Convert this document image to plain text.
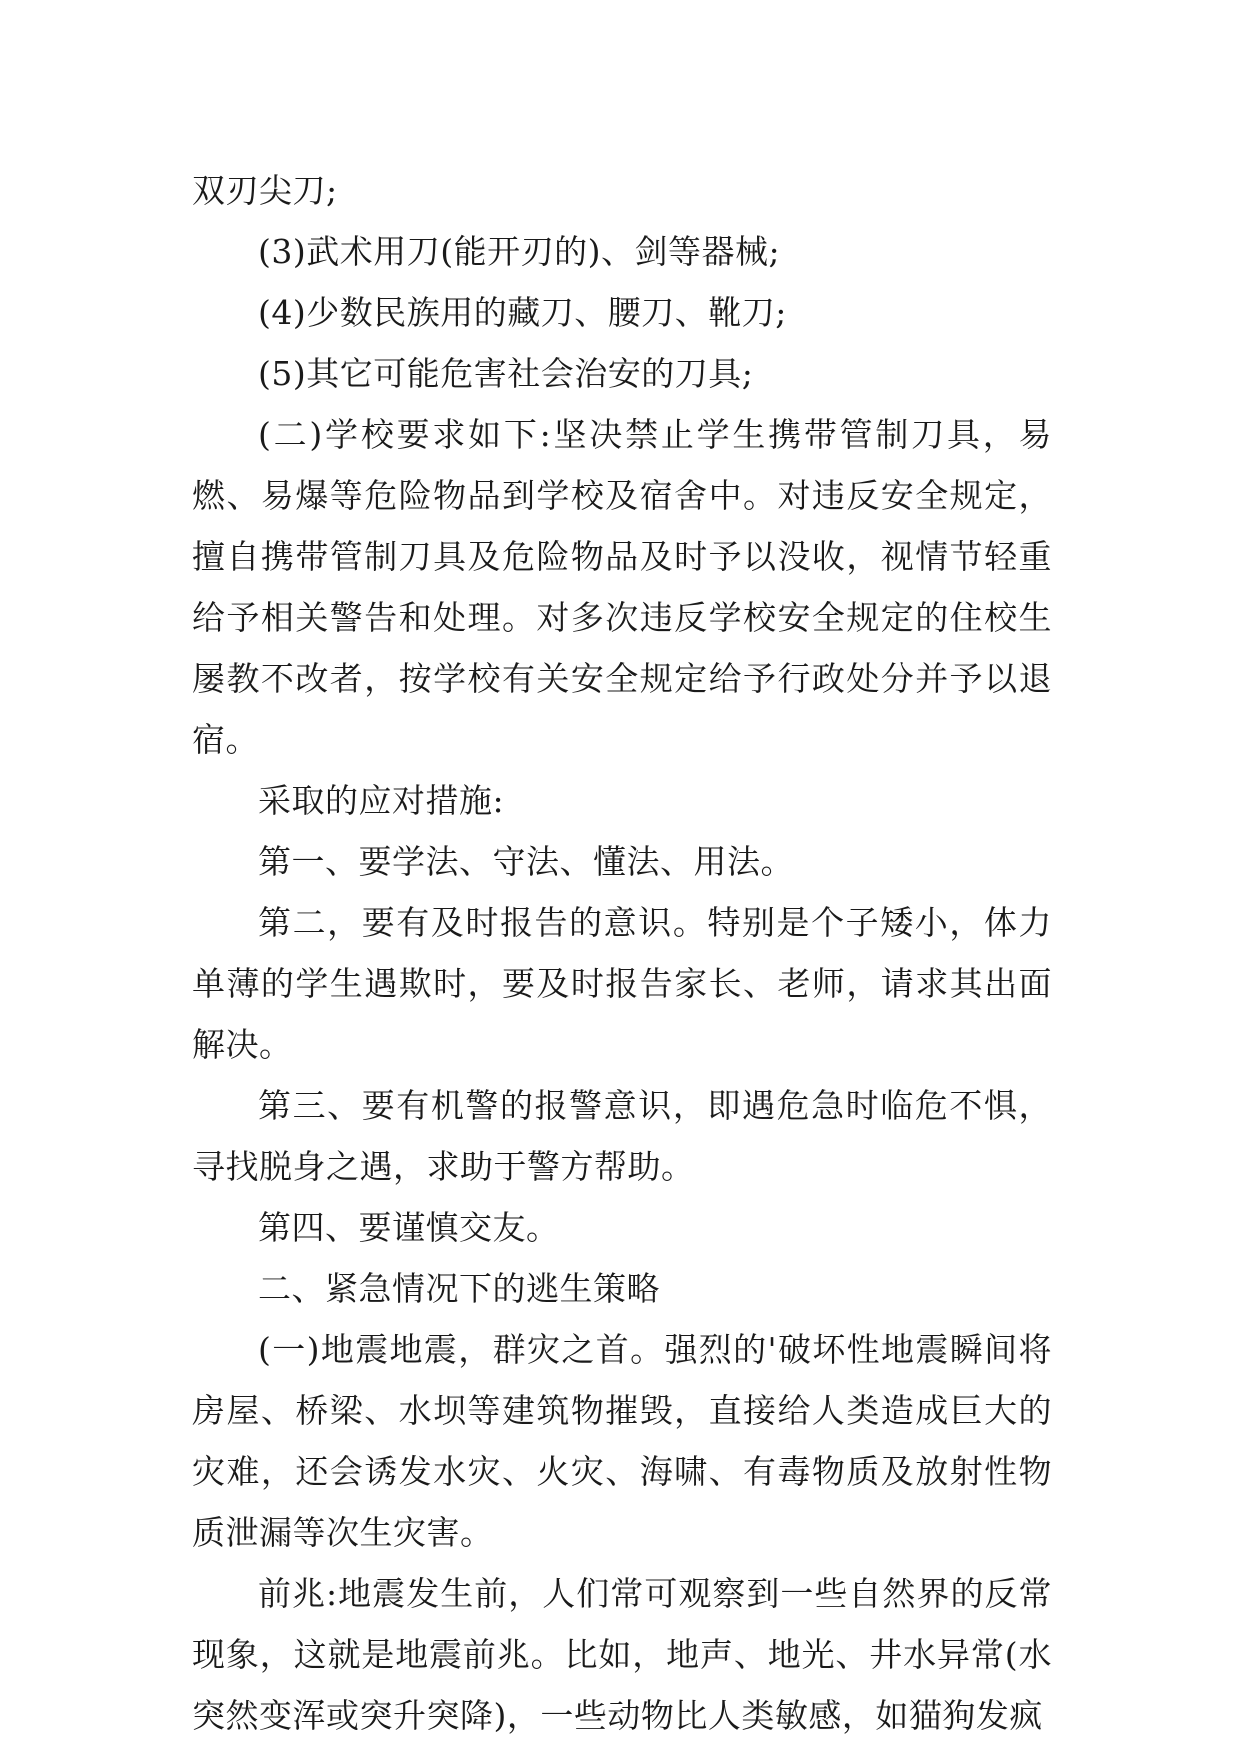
双刃尖刀;

(3)武术用刀(能开刃的)、剑等器械;

(4)少数民族用的藏刀、腰刀、靴刀;

(5)其它可能危害社会治安的刀具;

(二)学校要求如下:坚决禁止学生携带管制刀具，易燃、易爆等危险物品到学校及宿舍中。对违反安全规定，擅自携带管制刀具及危险物品及时予以没收，视情节轻重给予相关警告和处理。对多次违反学校安全规定的住校生屡教不改者，按学校有关安全规定给予行政处分并予以退宿。

采取的应对措施:

第一、要学法、守法、懂法、用法。

第二，要有及时报告的意识。特别是个子矮小，体力单薄的学生遇欺时，要及时报告家长、老师，请求其出面解决。

第三、要有机警的报警意识，即遇危急时临危不惧，寻找脱身之遇，求助于警方帮助。

第四、要谨慎交友。

二、紧急情况下的逃生策略

(一)地震地震，群灾之首。强烈的'破坏性地震瞬间将房屋、桥梁、水坝等建筑物摧毁，直接给人类造成巨大的灾难，还会诱发水灾、火灾、海啸、有毒物质及放射性物质泄漏等次生灾害。

前兆:地震发生前，人们常可观察到一些自然界的反常现象，这就是地震前兆。比如，地声、地光、井水异常(水突然变浑或突升突降)，一些动物比人类敏感，如猫狗发疯
